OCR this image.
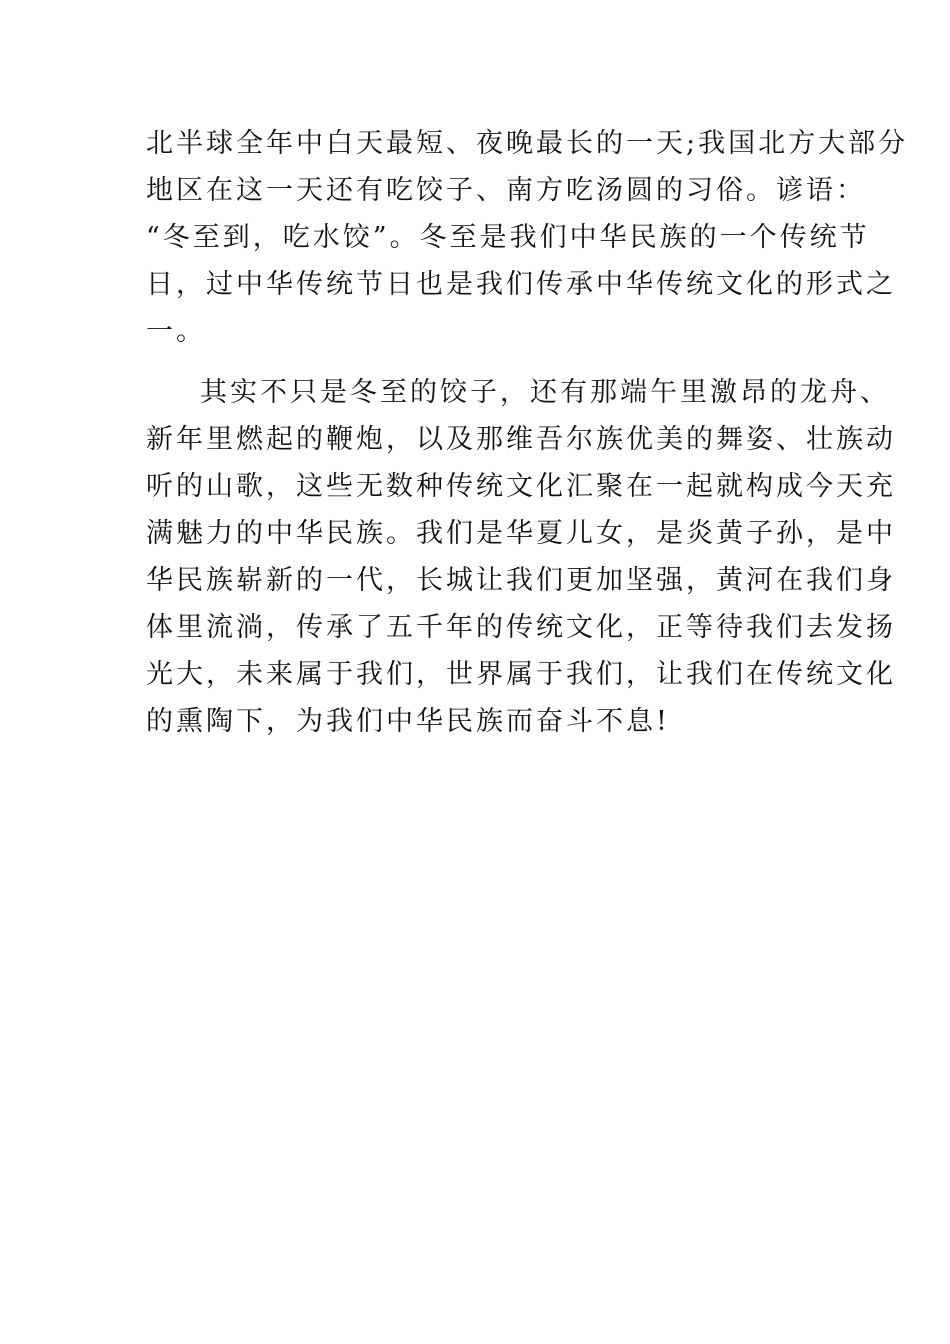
北半球全年中白天最短、夜晚最长的一天;我国北方大部分
地区在这一天还有吃饺子、南方吃汤圆的习俗。谚语：
“冬至到，吃水饺”。冬至是我们中华民族的一个传统节
日，过中华传统节日也是我们传承中华传统文化的形式之
一。
其实不只是冬至的饺子，还有那端午里激昂的龙舟、
新年里燃起的鞭炮，以及那维吾尔族优美的舞姿、壮族动
听的山歌，这些无数种传统文化汇聚在一起就构成今天充
满魅力的中华民族。我们是华夏儿女，是炎黄子孙，是中
华民族崭新的一代，长城让我们更加坚强，黄河在我们身
体里流淌，传承了五千年的传统文化，正等待我们去发扬
光大，未来属于我们，世界属于我们，让我们在传统文化
的熏陶下，为我们中华民族而奋斗不息!
